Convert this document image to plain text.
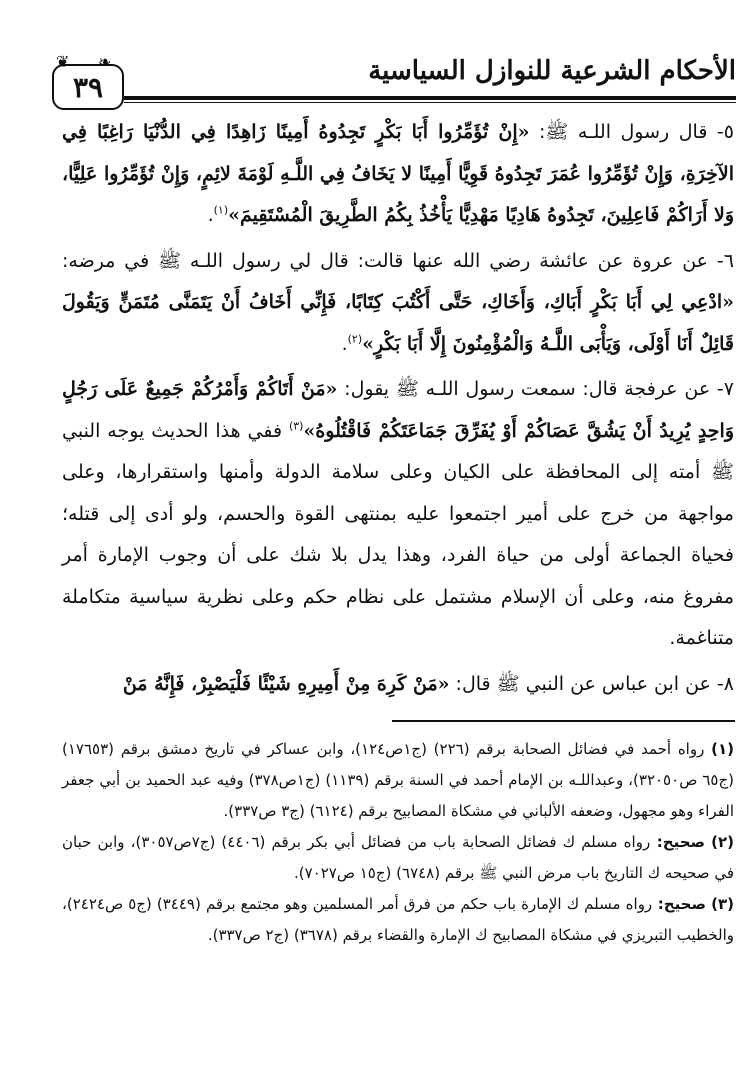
❦ ❧
٣٩	الأحكام الشرعية للنوازل السياسية

٥- قال رسول اللـه ﷺ: «إِنْ تُؤَمِّرُوا أَبَا بَكْرٍ تَجِدُوهُ أَمِينًا زَاهِدًا فِي الدُّنْيَا رَاغِبًا فِي الآخِرَةِ، وَإِنْ تُؤَمِّرُوا عُمَرَ تَجِدُوهُ قَوِيًّا أَمِينًا لا يَخَافُ فِي اللَّـهِ لَوْمَةَ لائِمٍ، وَإِنْ تُؤَمِّرُوا عَلِيًّا، وَلا أَرَاكُمْ فَاعِلِينَ، تَجِدُوهُ هَادِيًا مَهْدِيًّا يَأْخُذُ بِكُمُ الطَّرِيقَ الْمُسْتَقِيمَ»$^{(١)}$.

٦- عن عروة عن عائشة رضي الله عنها قالت: قال لي رسول اللـه ﷺ في مرضه: «ادْعِي لِي أَبَا بَكْرٍ أَبَاكِ، وَأَخَاكِ، حَتَّى أَكْتُبَ كِتَابًا، فَإِنِّي أَخَافُ أَنْ يَتَمَنَّى مُتَمَنٍّ وَيَقُولَ قَائِلٌ أَنَا أَوْلَى، وَيَأْبَى اللَّـهُ وَالْمُؤْمِنُونَ إِلَّا أَبَا بَكْرٍ»$^{(٢)}$.

٧- عن عرفجة قال: سمعت رسول اللـه ﷺ يقول: «مَنْ أَتَاكُمْ وَأَمْرُكُمْ جَمِيعٌ عَلَى رَجُلٍ وَاحِدٍ يُرِيدُ أَنْ يَشُقَّ عَصَاكُمْ أَوْ يُفَرِّقَ جَمَاعَتَكُمْ فَاقْتُلُوهُ»$^{(٣)}$ ففي هذا الحديث يوجه النبي ﷺ أمته إلى المحافظة على الكيان وعلى سلامة الدولة وأمنها واستقرارها، وعلى مواجهة من خرج على أمير اجتمعوا عليه بمنتهى القوة والحسم، ولو أدى إلى قتله؛ فحياة الجماعة أولى من حياة الفرد، وهذا يدل بلا شك على أن وجوب الإمارة أمر مفروغ منه، وعلى أن الإسلام مشتمل على نظام حكم وعلى نظرية سياسية متكاملة متناغمة.

٨- عن ابن عباس عن النبي ﷺ قال: «مَنْ كَرِهَ مِنْ أَمِيرِهِ شَيْئًا فَلْيَصْبِرْ، فَإِنَّهُ مَنْ

(١) رواه أحمد في فضائل الصحابة برقم (٢٢٦) (ج١ص١٢٤)، وابن عساكر في تاريخ دمشق برقم (١٧٦٥٣) (ج٦٥ ص٣٢٠٥٠)، وعبداللـه بن الإمام أحمد في السنة برقم (١١٣٩) (ج١ص٣٧٨) وفيه عبد الحميد بن أبي جعفر الفراء وهو مجهول، وضعفه الألباني في مشكاة المصابيح برقم (٦١٢٤) (ج٣ ص٣٣٧).

(٢) صحيح: رواه مسلم ك فضائل الصحابة باب من فضائل أبي بكر برقم (٤٤٠٦) (ج٧ص٣٠٥٧)، وابن حبان في صحيحه ك التاريخ باب مرض النبي ﷺ برقم (٦٧٤٨) (ج١٥ ص٧٠٢٧).

(٣) صحيح: رواه مسلم ك الإمارة باب حكم من فرق أمر المسلمين وهو مجتمع برقم (٣٤٤٩) (ج٥ ص٢٤٢٤)، والخطيب التبريزي في مشكاة المصابيح ك الإمارة والقضاء برقم (٣٦٧٨) (ج٢ ص٣٣٧).
